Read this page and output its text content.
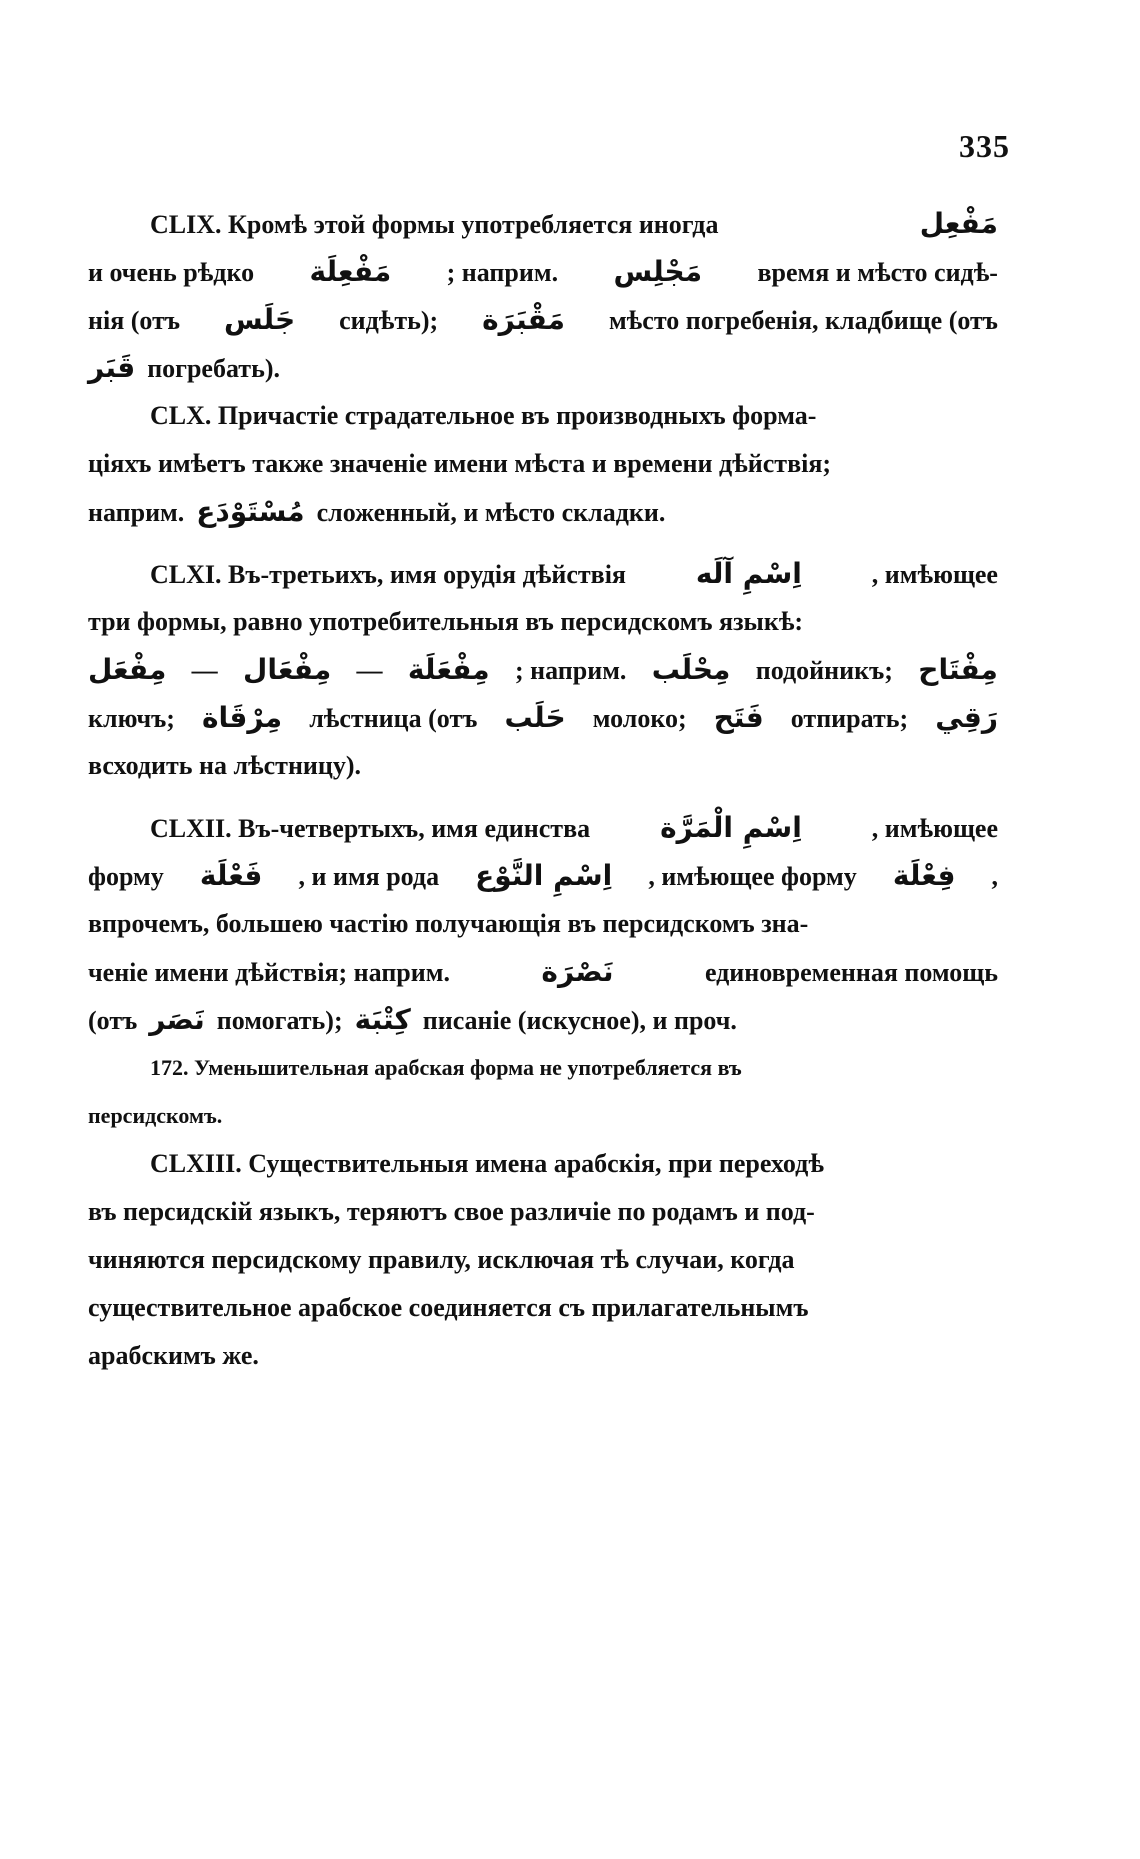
335
CLIX. Кромѣ этой формы употребляется иногда	مَفْعِل
и очень рѣдко مَفْعِلَة ; наприм. مَجْلِس время и мѣсто сидѣ-
нія (отъ جَلَس сидѣть); مَقْبَرَة мѣсто погребенія, кладбище (отъ
قَبَر погребать).
CLX. Причастіе страдательное въ производныхъ форма-
ціяхъ имѣетъ также значеніе имени мѣста и времени дѣйствія;
наприм. مُسْتَوْدَع сложенный, и мѣсто складки.
CLXI. Въ-третьихъ, имя орудія дѣйствія اِسْمِ آلَه	, имѣющее
три формы, равно употребительныя въ персидскомъ языкѣ:
مِفْعَل — مِفْعَال — مِفْعَلَة ; наприм. مِحْلَب подойникъ; مِفْتَاح
ключъ; مِرْقَاة лѣстница (отъ حَلَب молоко; فَتَح отпирать; رَقِي
всходить на лѣстницу).
CLXII. Въ-четвертыхъ, имя единства	اِسْمِ الْمَرَّة	, имѣющее
форму فَعْلَة , и имя рода اِسْمِ النَّوْع , имѣющее форму فِعْلَة ,
впрочемъ, большею частію получающія въ персидскомъ зна-
ченіе имени дѣйствія; наприм.	نَصْرَة	единовременная помощь
(отъ نَصَر помогать); كِتْبَة писаніе (искусное), и проч.
172. Уменьшительная арабская форма не употребляется въ
персидскомъ.
CLXIII. Существительныя имена арабскія, при переходѣ
въ персидскій языкъ, теряютъ свое различіе по родамъ и под-
чиняются персидскому правилу, исключая тѣ случаи, когда
существительное арабское соединяется съ прилагательнымъ
арабскимъ же.
